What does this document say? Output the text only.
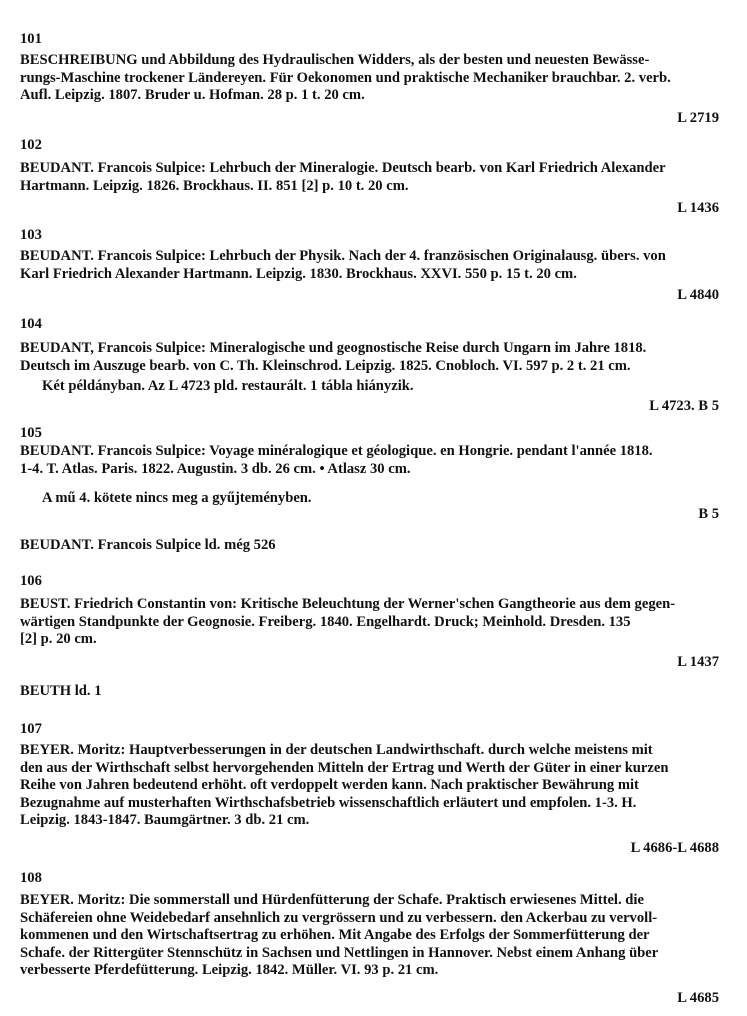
101
BESCHREIBUNG und Abbildung des Hydraulischen Widders, als der besten und neuesten Bewässe-
rungs-Maschine trockener Ländereyen. Für Oekonomen und praktische Mechaniker brauchbar. 2. verb.
Aufl. Leipzig. 1807. Bruder u. Hofman. 28 p. 1 t. 20 cm.
L 2719
102
BEUDANT. Francois Sulpice: Lehrbuch der Mineralogie. Deutsch bearb. von Karl Friedrich Alexander
Hartmann. Leipzig. 1826. Brockhaus. II. 851 [2] p. 10 t. 20 cm.
L 1436
103
BEUDANT. Francois Sulpice: Lehrbuch der Physik. Nach der 4. französischen Originalausg. übers. von
Karl Friedrich Alexander Hartmann. Leipzig. 1830. Brockhaus. XXVI. 550 p. 15 t. 20 cm.
L 4840
104
BEUDANT, Francois Sulpice: Mineralogische und geognostische Reise durch Ungarn im Jahre 1818.
Deutsch im Auszuge bearb. von C. Th. Kleinschrod. Leipzig. 1825. Cnobloch. VI. 597 p. 2 t. 21 cm.
Két példányban. Az L 4723 pld. restaurált. 1 tábla hiányzik.
L 4723. B 5
105
BEUDANT. Francois Sulpice: Voyage minéralogique et géologique. en Hongrie. pendant l'année 1818.
1-4. T. Atlas. Paris. 1822. Augustin. 3 db. 26 cm. • Atlasz 30 cm.
A mű 4. kötete nincs meg a gyűjteményben.
B 5
BEUDANT. Francois Sulpice ld. még 526
106
BEUST. Friedrich Constantin von: Kritische Beleuchtung der Werner'schen Gangtheorie aus dem gegen-
wärtigen Standpunkte der Geognosie. Freiberg. 1840. Engelhardt. Druck; Meinhold. Dresden. 135
[2] p. 20 cm.
L 1437
BEUTH ld. 1
107
BEYER. Moritz: Hauptverbesserungen in der deutschen Landwirthschaft. durch welche meistens mit
den aus der Wirthschaft selbst hervorgehenden Mitteln der Ertrag und Werth der Güter in einer kurzen
Reihe von Jahren bedeutend erhöht. oft verdoppelt werden kann. Nach praktischer Bewährung mit
Bezugnahme auf musterhaften Wirthschafsbetrieb wissenschaftlich erläutert und empfolen. 1-3. H.
Leipzig. 1843-1847. Baumgärtner. 3 db. 21 cm.
L 4686-L 4688
108
BEYER. Moritz: Die sommerstall und Hürdenfütterung der Schafe. Praktisch erwiesenes Mittel. die
Schäfereien ohne Weidebedarf ansehnlich zu vergrössern und zu verbessern. den Ackerbau zu vervoll-
kommenen und den Wirtschaftsertrag zu erhöhen. Mit Angabe des Erfolgs der Sommerfütterung der
Schafe. der Rittergüter Stennschütz in Sachsen und Nettlingen in Hannover. Nebst einem Anhang über
verbesserte Pferdefütterung. Leipzig. 1842. Müller. VI. 93 p. 21 cm.
L 4685
